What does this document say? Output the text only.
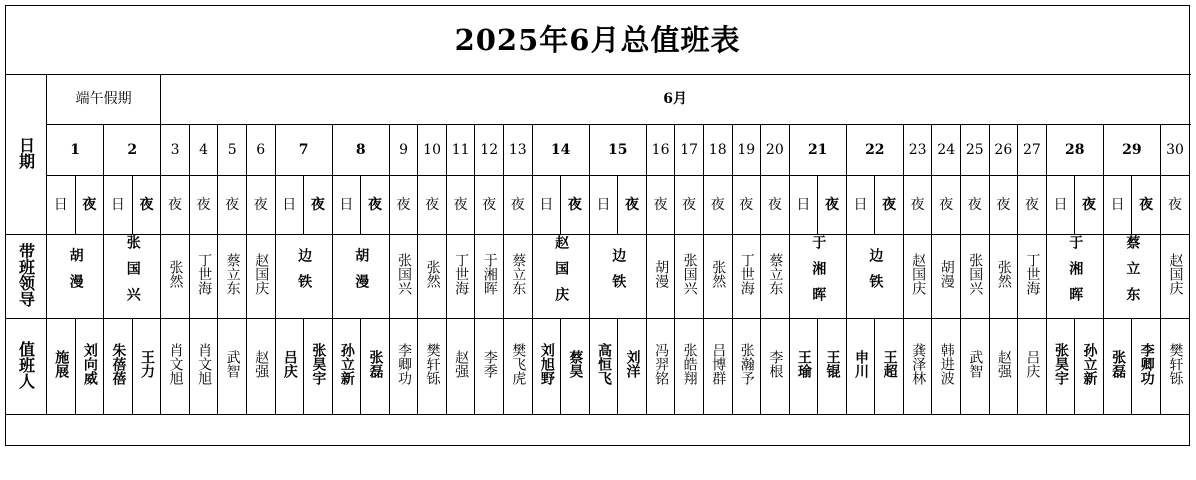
2025年6月总值班表																																								
日期	端午假期				6月																																			
	1		2		3	4	5	6	7		8		9	10	11	12	13	14		15		16	17	18	19	20	21		22		23	24	25	26	27	28		29		30
	日	夜	日	夜	夜	夜	夜	夜	日	夜	日	夜	夜	夜	夜	夜	夜	日	夜	日	夜	夜	夜	夜	夜	夜	日	夜	日	夜	夜	夜	夜	夜	夜	日	夜	日	夜	夜
带班领导	胡漫		张国兴		张然	丁世海	蔡立东	赵国庆	边铁		胡漫		张国兴	张然	丁世海	于湘晖	蔡立东	赵国庆		边铁		胡漫	张国兴	张然	丁世海	蔡立东	于湘晖		边铁		赵国庆	胡漫	张国兴	张然	丁世海	于湘晖		蔡立东		赵国庆
值班人	施展	刘向威	朱蓓蓓	王力	肖文旭	肖文旭	武智	赵强	吕庆	张昊宇	孙立新	张磊	李卿功	樊轩铄	赵强	李季	樊飞虎	刘旭野	蔡昊	高恒飞	刘洋	冯羿铭	张皓翔	吕博群	张瀚予	李根	王瑜	王锟	申川	王超	龚泽林	韩进波	武智	赵强	吕庆	张昊宇	孙立新	张磊	李卿功	樊轩铄
